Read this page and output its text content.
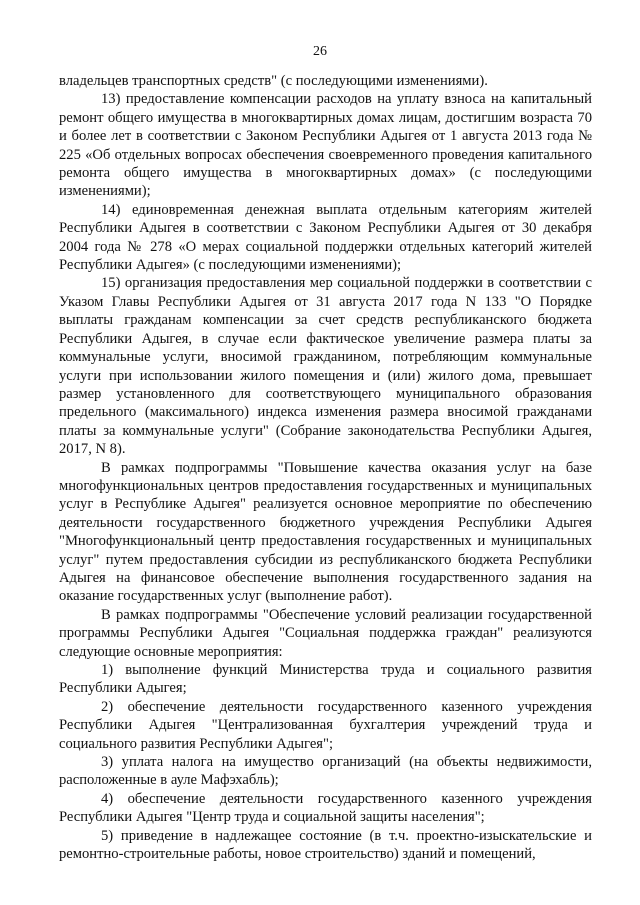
26

владельцев транспортных средств" (с последующими изменениями).

13) предоставление компенсации расходов на уплату взноса на капитальный ремонт общего имущества в многоквартирных домах лицам, достигшим возраста 70 и более лет в соответствии с Законом Республики Адыгея от 1 августа 2013 года № 225 «Об отдельных вопросах обеспечения своевременного проведения капитального ремонта общего имущества в многоквартирных домах» (с последующими изменениями);

14) единовременная денежная выплата отдельным категориям жителей Республики Адыгея в соответствии с Законом Республики Адыгея от 30 декабря 2004 года № 278 «О мерах социальной поддержки отдельных категорий жителей Республики Адыгея» (с последующими изменениями);

15) организация предоставления мер социальной поддержки в соответствии с Указом Главы Республики Адыгея от 31 августа 2017 года N 133 "О Порядке выплаты гражданам компенсации за счет средств республиканского бюджета Республики Адыгея, в случае если фактическое увеличение размера платы за коммунальные услуги, вносимой гражданином, потребляющим коммунальные услуги при использовании жилого помещения и (или) жилого дома, превышает размер установленного для соответствующего муниципального образования предельного (максимального) индекса изменения размера вносимой гражданами платы за коммунальные услуги" (Собрание законодательства Республики Адыгея, 2017, N 8).

В рамках подпрограммы "Повышение качества оказания услуг на базе многофункциональных центров предоставления государственных и муниципальных услуг в Республике Адыгея" реализуется основное мероприятие по обеспечению деятельности государственного бюджетного учреждения Республики Адыгея "Многофункциональный центр предоставления государственных и муниципальных услуг" путем предоставления субсидии из республиканского бюджета Республики Адыгея на финансовое обеспечение выполнения государственного задания на оказание государственных услуг (выполнение работ).

В рамках подпрограммы "Обеспечение условий реализации государственной программы Республики Адыгея "Социальная поддержка граждан" реализуются следующие основные мероприятия:

1) выполнение функций Министерства труда и социального развития Республики Адыгея;

2) обеспечение деятельности государственного казенного учреждения Республики Адыгея "Централизованная бухгалтерия учреждений труда и социального развития Республики Адыгея";

3) уплата налога на имущество организаций (на объекты недвижимости, расположенные в ауле Мафэхабль);

4) обеспечение деятельности государственного казенного учреждения Республики Адыгея "Центр труда и социальной защиты населения";

5) приведение в надлежащее состояние (в т.ч. проектно-изыскательские и ремонтно-строительные работы, новое строительство) зданий и помещений,
